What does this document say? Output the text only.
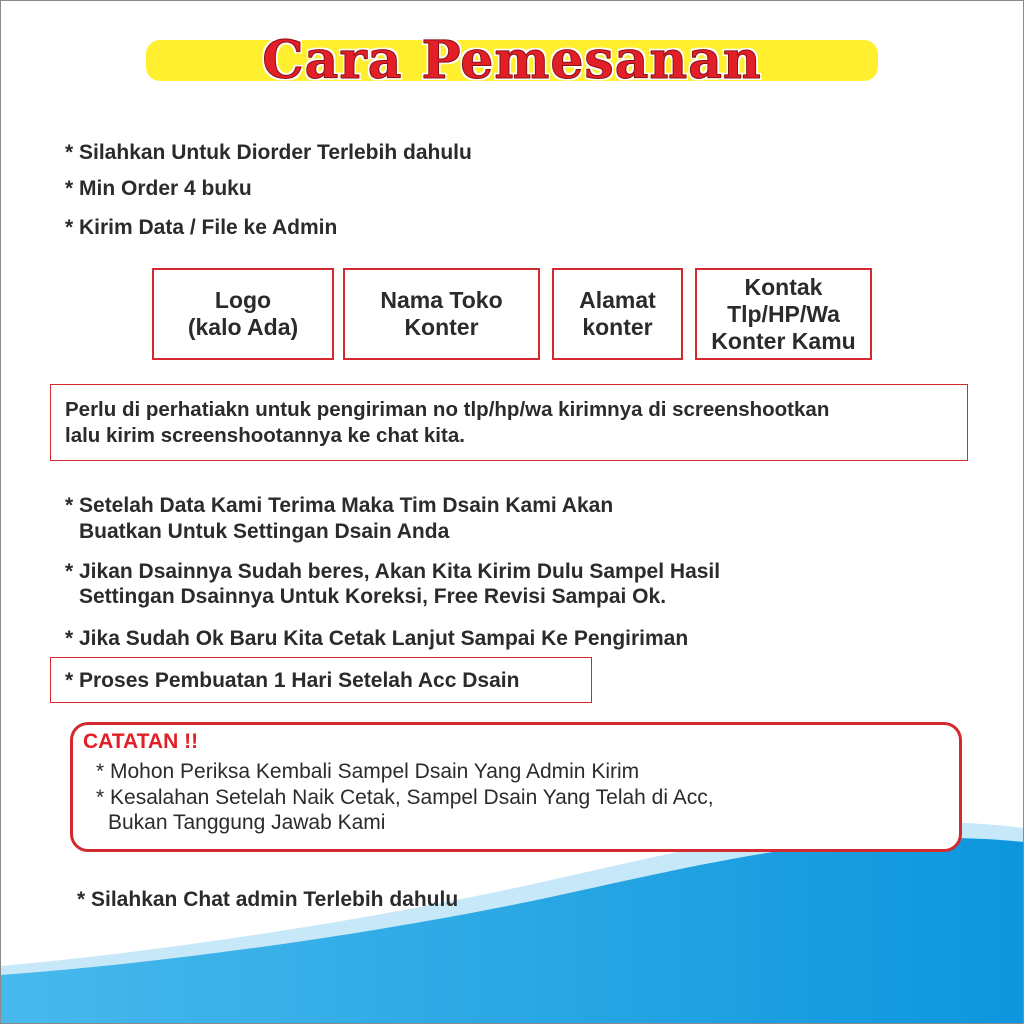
Cara Pemesanan
* Silahkan Untuk Diorder Terlebih dahulu
* Min Order 4 buku
* Kirim Data / File ke Admin
Logo
(kalo Ada)
Nama Toko
Konter
Alamat
konter
Kontak
Tlp/HP/Wa
Konter Kamu
Perlu di perhatiakn untuk pengiriman no tlp/hp/wa kirimnya di screenshootkan
lalu kirim screenshootannya ke chat kita.
* Setelah Data Kami Terima Maka Tim Dsain Kami Akan
Buatkan Untuk Settingan Dsain Anda
* Jikan Dsainnya Sudah beres, Akan Kita Kirim Dulu Sampel Hasil
Settingan Dsainnya Untuk Koreksi, Free Revisi Sampai Ok.
* Jika Sudah Ok Baru Kita Cetak Lanjut Sampai Ke Pengiriman
* Proses Pembuatan 1 Hari Setelah Acc Dsain
CATATAN !!
* Mohon Periksa Kembali Sampel Dsain Yang Admin Kirim
* Kesalahan Setelah Naik Cetak, Sampel Dsain Yang Telah di Acc,
Bukan Tanggung Jawab Kami
* Silahkan Chat admin Terlebih dahulu
